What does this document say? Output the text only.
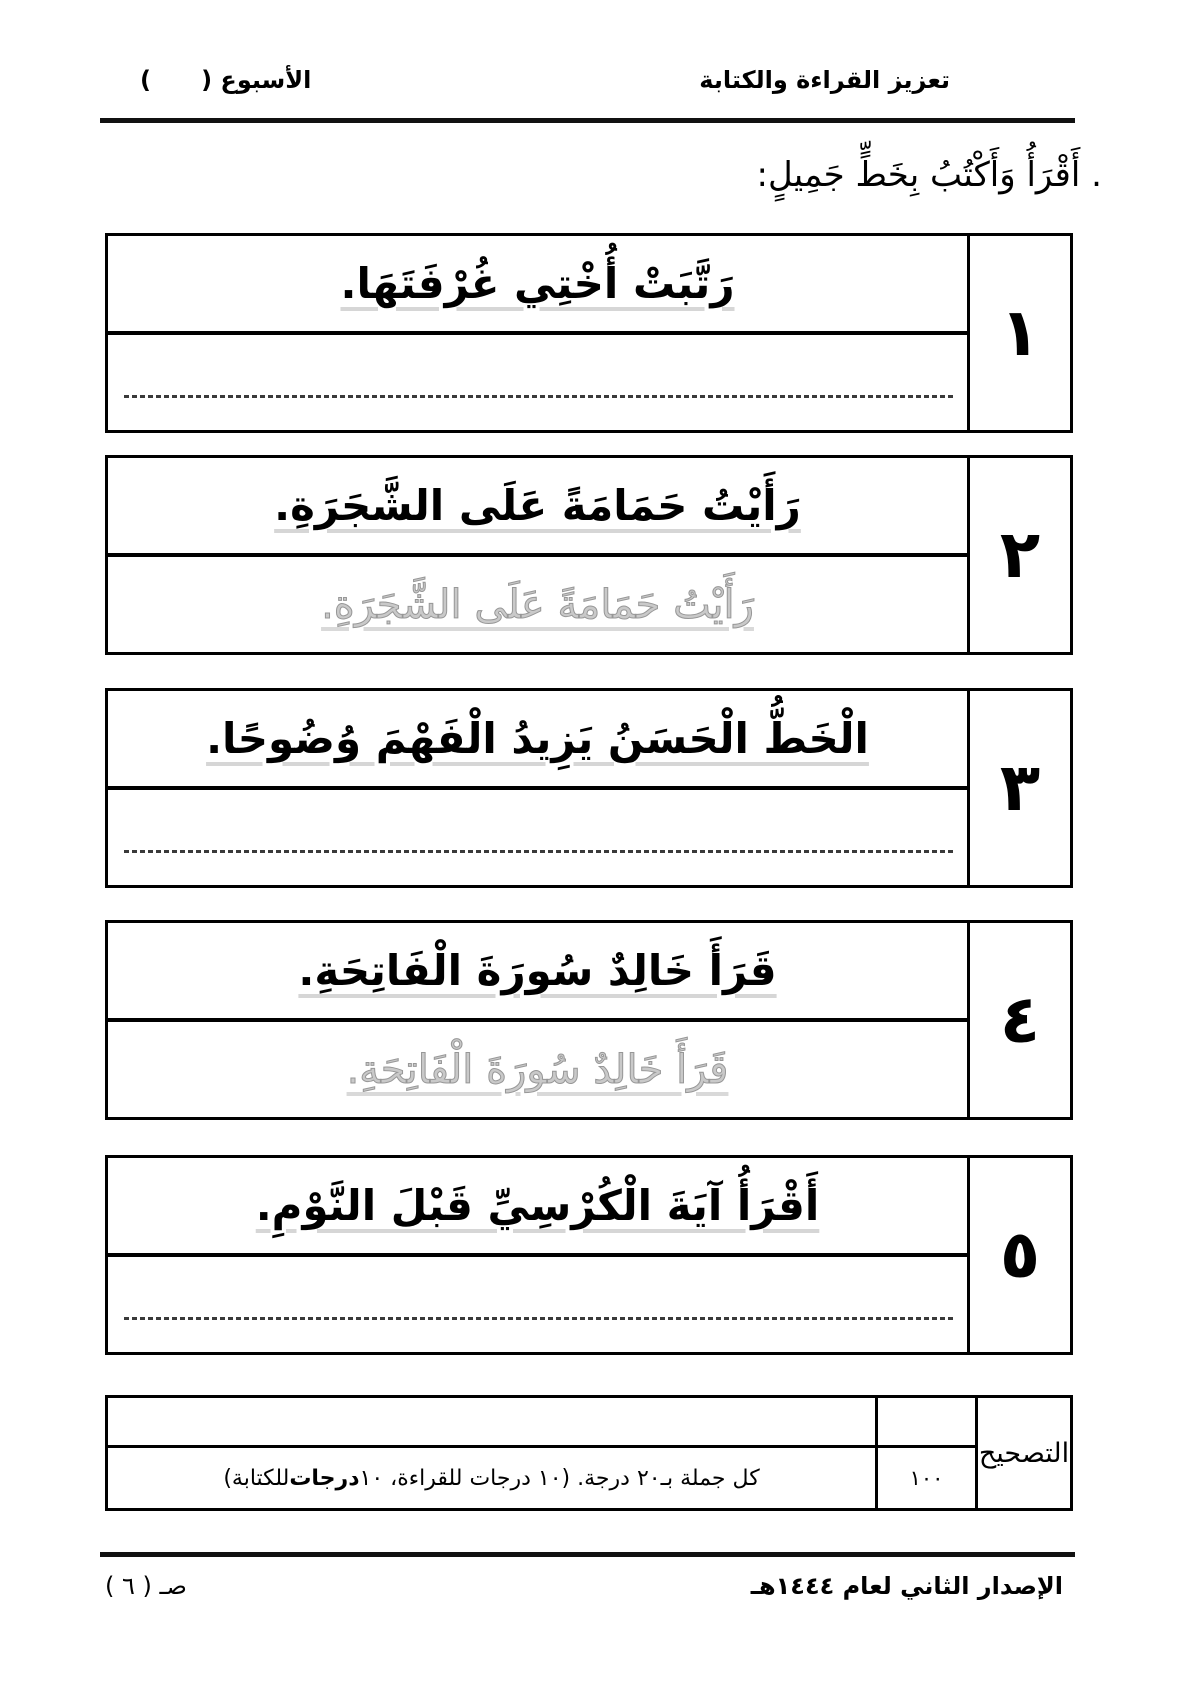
تعزيز القراءة والكتابة
الأسبوع (      )
. أَقْرَأُ وَأَكْتُبُ بِخَطٍّ جَمِيلٍ:
رَتَّبَتْ أُخْتِي غُرْفَتَهَا.
١
رَأَيْتُ حَمَامَةً عَلَى الشَّجَرَةِ.
رَأَيْتُ حَمَامَةً عَلَى الشَّجَرَةِ.
٢
الْخَطُّ الْحَسَنُ يَزِيدُ الْفَهْمَ وُضُوحًا.
٣
قَرَأَ خَالِدٌ سُورَةَ الْفَاتِحَةِ.
قَرَأَ خَالِدٌ سُورَةَ الْفَاتِحَةِ.
٤
أَقْرَأُ آيَةَ الْكُرْسِيِّ قَبْلَ النَّوْمِ.
٥
التصحيح
١٠٠
كل جملة بـ٢٠ درجة. (١٠ درجات للقراءة، ١٠
درجات
للكتابة)
الإصدار الثاني لعام ١٤٤٤هـ
صـ ( ٦ )
